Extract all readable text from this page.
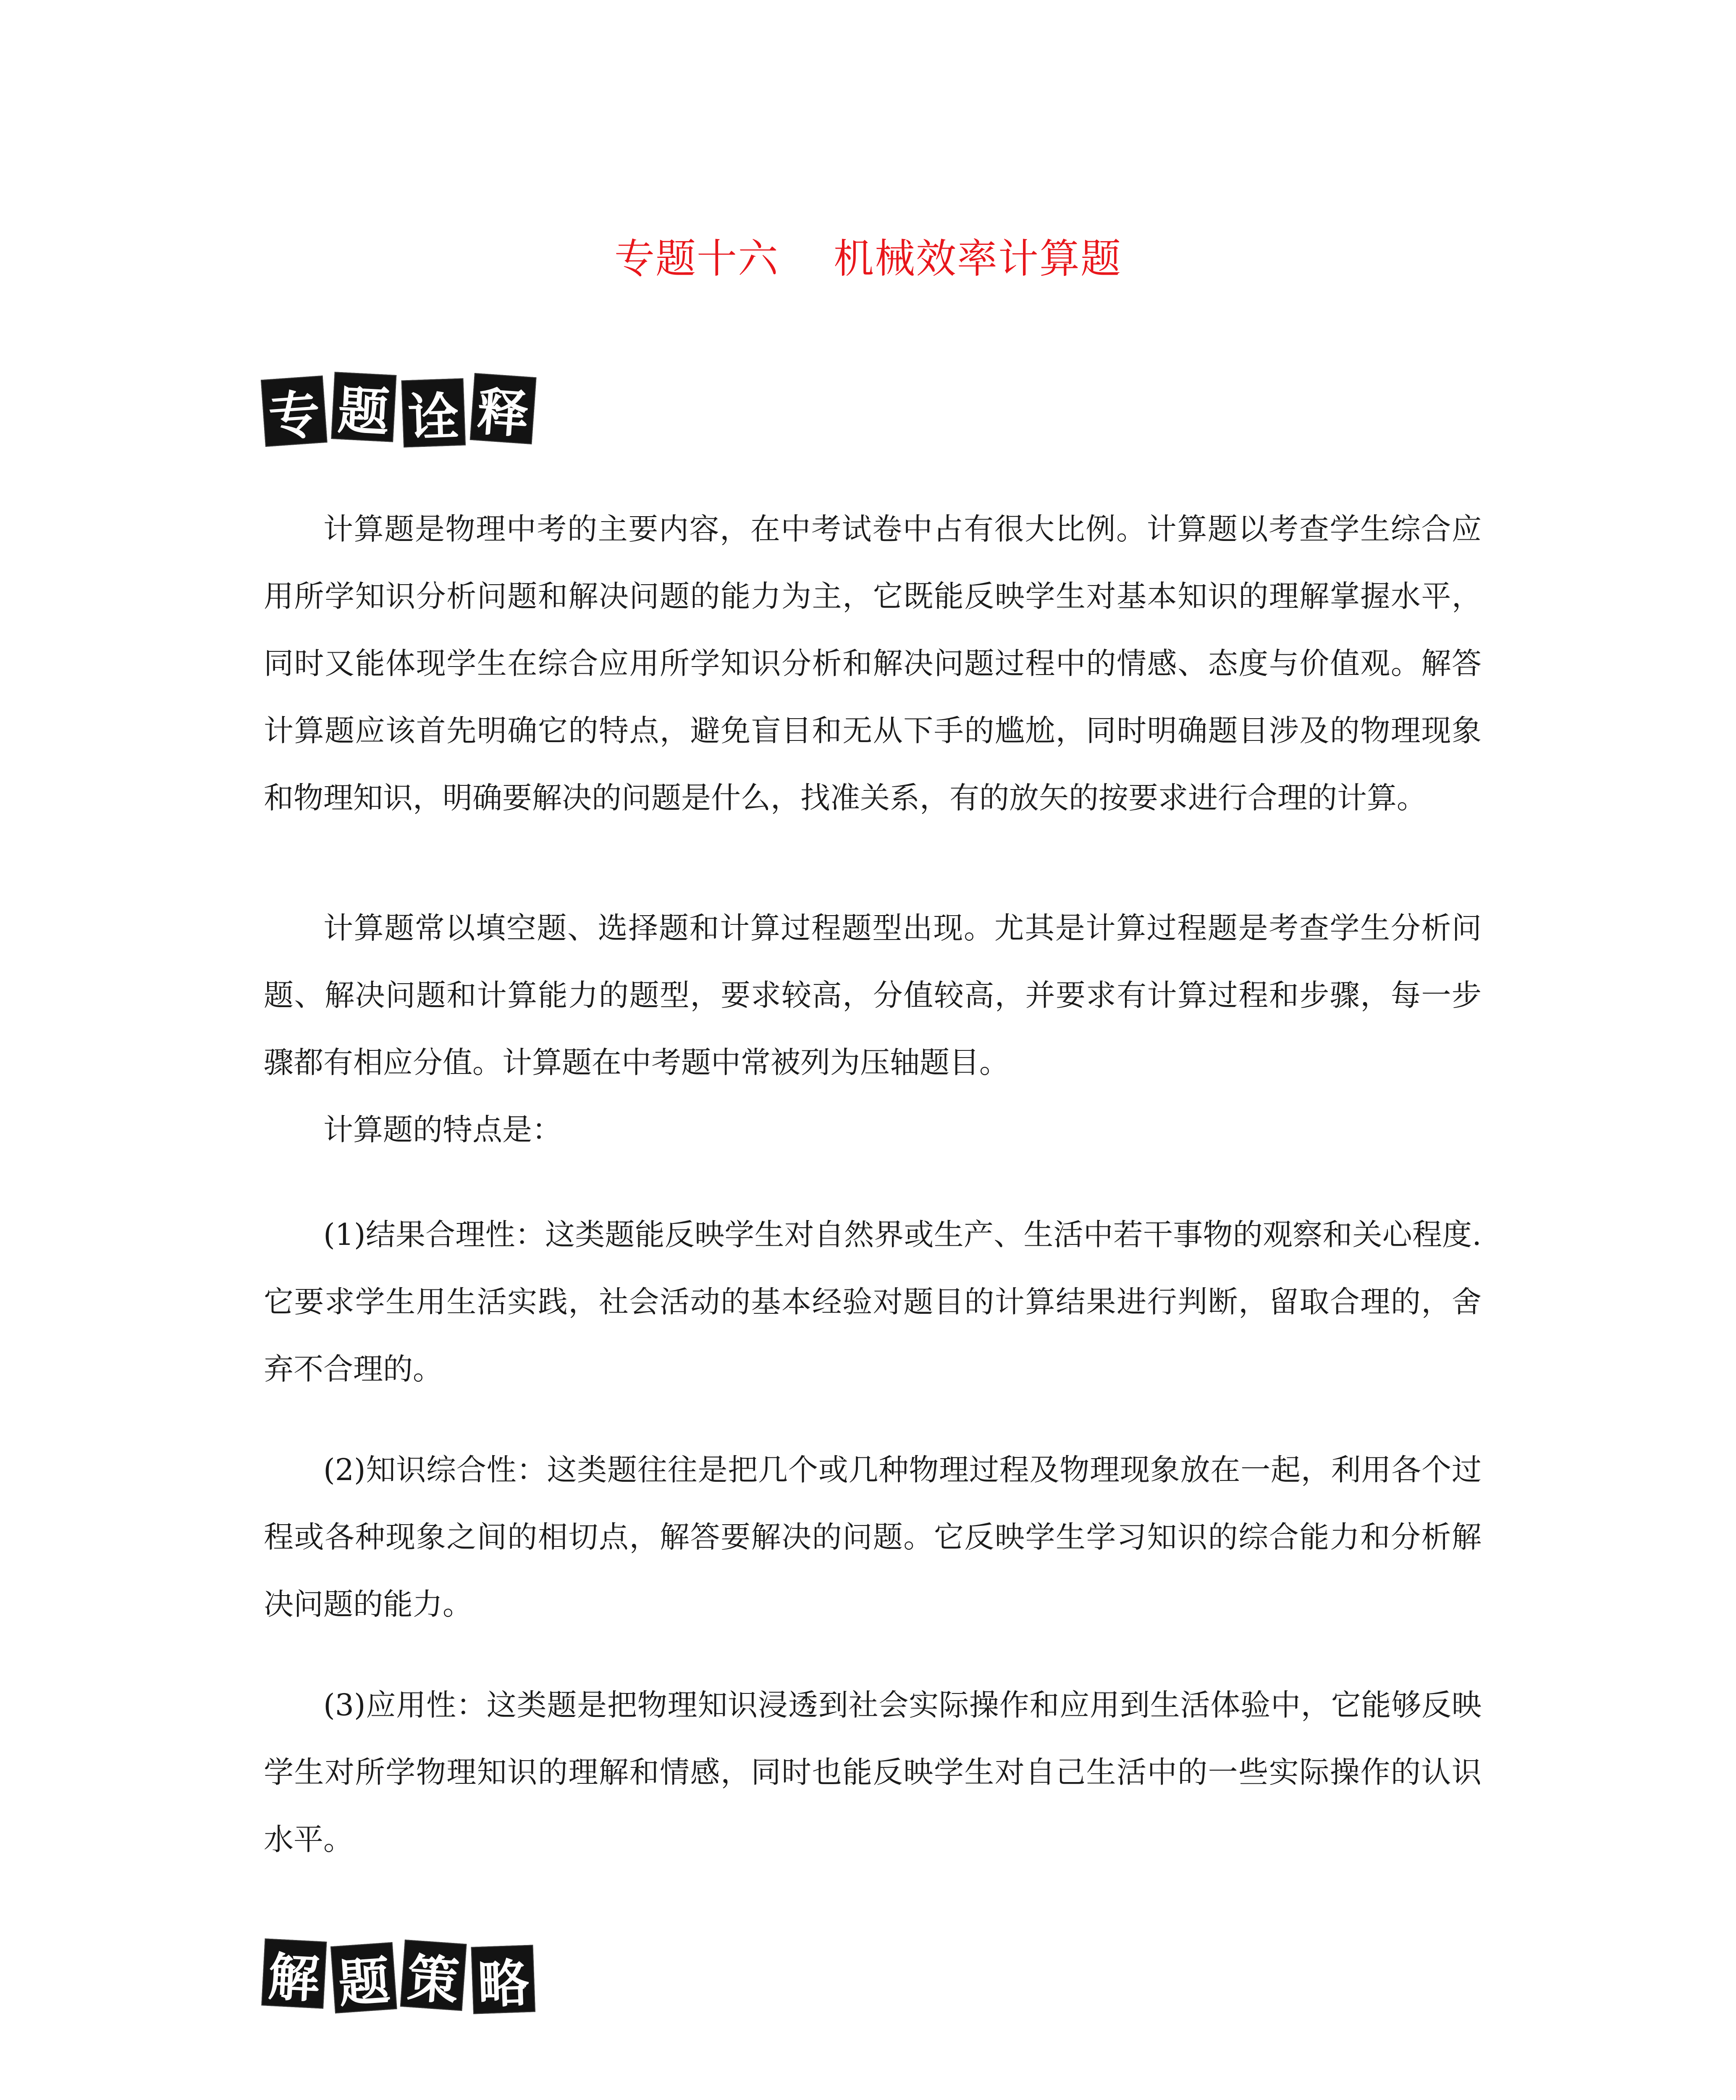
专题十六    机械效率计算题
专 题 诠 释

计算题是物理中考的主要内容，在中考试卷中占有很大比例。计算题以考查学生综合应用所学知识分析问题和解决问题的能力为主，它既能反映学生对基本知识的理解掌握水平，同时又能体现学生在综合应用所学知识分析和解决问题过程中的情感、态度与价值观。解答计算题应该首先明确它的特点，避免盲目和无从下手的尴尬，同时明确题目涉及的物理现象和物理知识，明确要解决的问题是什么，找准关系，有的放矢的按要求进行合理的计算。

计算题常以填空题、选择题和计算过程题型出现。尤其是计算过程题是考查学生分析问题、解决问题和计算能力的题型，要求较高，分值较高，并要求有计算过程和步骤，每一步骤都有相应分值。计算题在中考题中常被列为压轴题目。

计算题的特点是：

(1)结果合理性：这类题能反映学生对自然界或生产、生活中若干事物的观察和关心程度.它要求学生用生活实践，社会活动的基本经验对题目的计算结果进行判断，留取合理的，舍弃不合理的。

(2)知识综合性：这类题往往是把几个或几种物理过程及物理现象放在一起，利用各个过程或各种现象之间的相切点，解答要解决的问题。它反映学生学习知识的综合能力和分析解决问题的能力。

(3)应用性：这类题是把物理知识浸透到社会实际操作和应用到生活体验中，它能够反映学生对所学物理知识的理解和情感，同时也能反映学生对自己生活中的一些实际操作的认识水平。

解 题 策 略
